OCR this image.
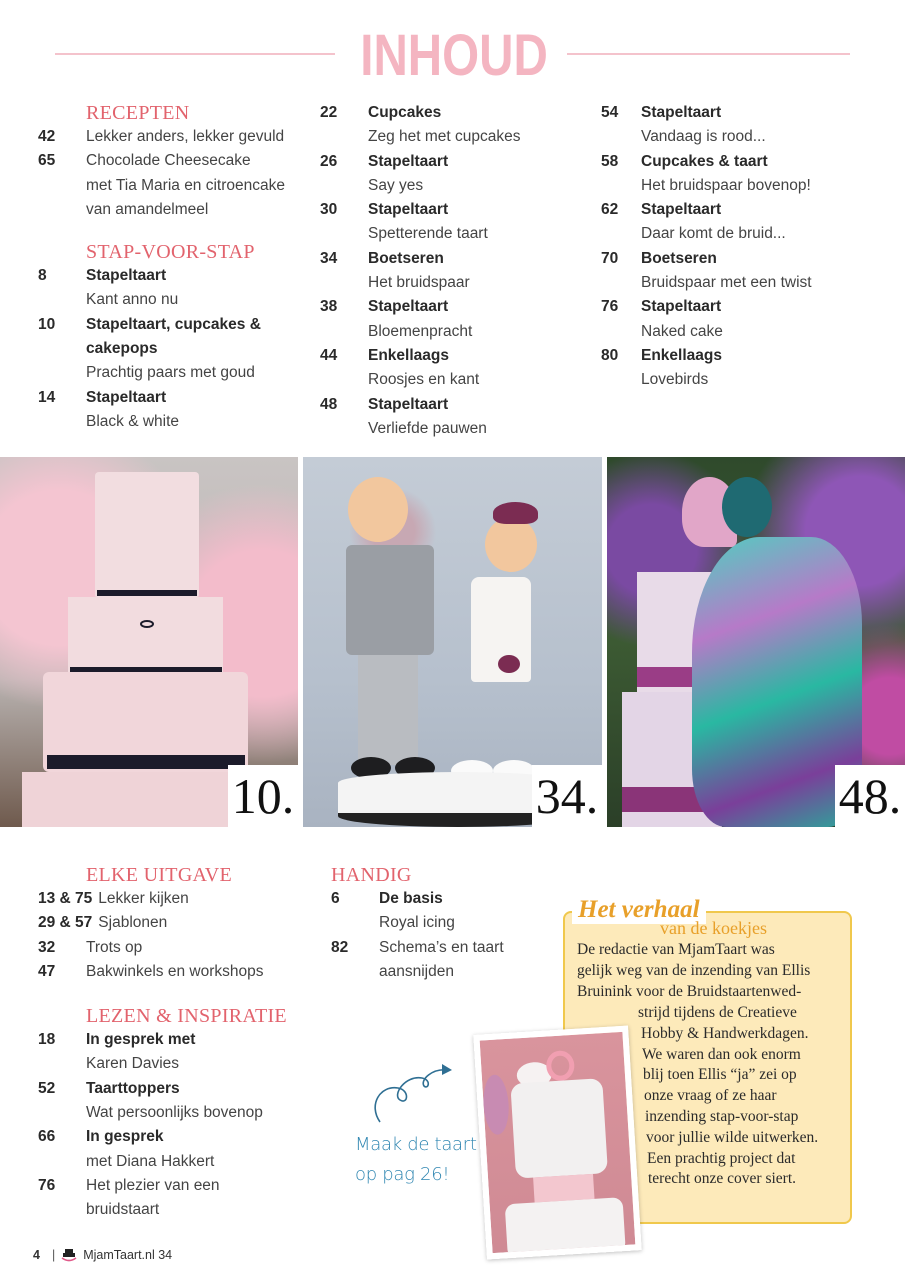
INHOUD
RECEPTEN
42	Lekker anders, lekker gevuld
65	Chocolade Cheesecake
met Tia Maria en citroencake
van amandelmeel
STAP-VOOR-STAP
8	Stapeltaart
Kant anno nu
10	Stapeltaart, cupcakes &
cakepops
Prachtig paars met goud
14	Stapeltaart
Black & white
22	Cupcakes
Zeg het met cupcakes
26	Stapeltaart
Say yes
30	Stapeltaart
Spetterende taart
34	Boetseren
Het bruidspaar
38	Stapeltaart
Bloemenpracht
44	Enkellaags
Roosjes en kant
48	Stapeltaart
Verliefde pauwen
54	Stapeltaart
Vandaag is rood...
58	Cupcakes & taart
Het bruidspaar bovenop!
62	Stapeltaart
Daar komt de bruid...
70	Boetseren
Bruidspaar met een twist
76	Stapeltaart
Naked cake
80	Enkellaags
Lovebirds
10.	34.	48.
ELKE UITGAVE
13 & 75 Lekker kijken
29 & 57 Sjablonen
32	Trots op
47	Bakwinkels en workshops
LEZEN & INSPIRATIE
18	In gesprek met
Karen Davies
52	Taarttoppers
Wat persoonlijks bovenop
66	In gesprek
met Diana Hakkert
76	Het plezier van een
bruidstaart
HANDIG
6	De basis
Royal icing
82	Schema’s en taart
aansnijden
Maak de taart
op pag 26!
Het verhaal
van de koekjes
De redactie van MjamTaart was
gelijk weg van de inzending van Ellis
Bruinink voor de Bruidstaartenwed-
strijd tijdens de Creatieve
Hobby & Handwerkdagen.
We waren dan ook enorm
blij toen Ellis “ja” zei op
onze vraag of ze haar
inzending stap-voor-stap
voor jullie wilde uitwerken.
Een prachtig project dat
terecht onze cover siert.
4 | MjamTaart.nl 34
